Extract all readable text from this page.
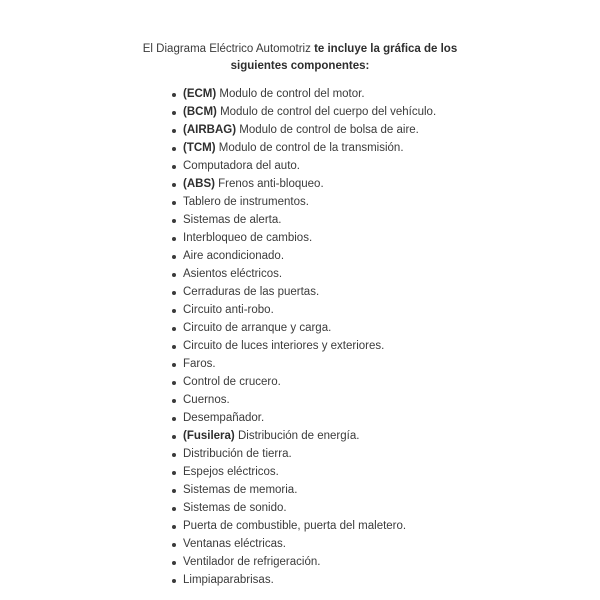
El Diagrama Eléctrico Automotriz te incluye la gráfica de los siguientes componentes:
(ECM) Modulo de control del motor.
(BCM) Modulo de control del cuerpo del vehículo.
(AIRBAG) Modulo de control de bolsa de aire.
(TCM) Modulo de control de la transmisión.
Computadora del auto.
(ABS) Frenos anti-bloqueo.
Tablero de instrumentos.
Sistemas de alerta.
Interbloqueo de cambios.
Aire acondicionado.
Asientos eléctricos.
Cerraduras de las puertas.
Circuito anti-robo.
Circuito de arranque y carga.
Circuito de luces interiores y exteriores.
Faros.
Control de crucero.
Cuernos.
Desempañador.
(Fusilera) Distribución de energía.
Distribución de tierra.
Espejos eléctricos.
Sistemas de memoria.
Sistemas de sonido.
Puerta de combustible, puerta del maletero.
Ventanas eléctricas.
Ventilador de refrigeración.
Limpiaparabrisas.
